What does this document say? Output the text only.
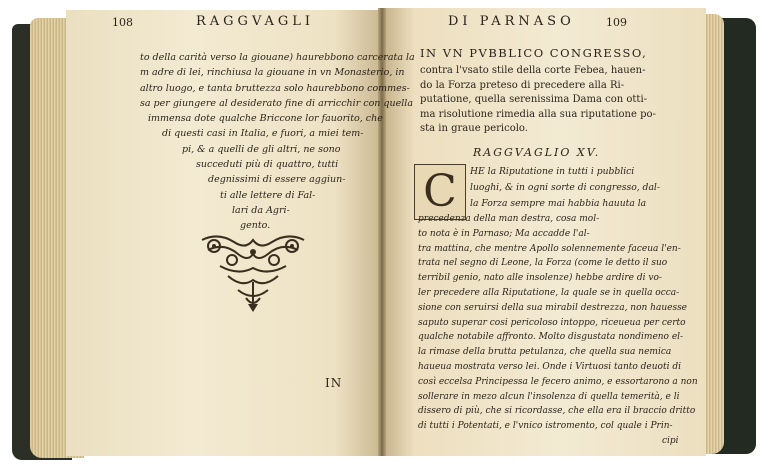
108	RAGGVAGLI
to della carità verso la giouane) haurebbono carcerata la
m adre di lei, rinchiusa la giouane in vn Monasterio, in
altro luogo, e tanta bruttezza solo haurebbono commes-
sa per giungere al desiderato fine di arricchir con quella
immensa dote qualche Briccone lor fauorito, che
di questi casi in Italia, e fuori, a miei tem-
pi, & a quelli de gli altri, ne sono
succeduti più di quattro, tutti
degnissimi di essere aggiun-
ti alle lettere di Fal-
lari da Agri-
gento.
IN
DI PARNASO	109
IN VN PVBBLICO CONGRESSO,
contra l'vsato stile della corte Febea, hauen-
do la Forza preteso di precedere alla Ri-
putatione, quella serenissima Dama con otti-
ma risolutione rimedia alla sua riputatione po-
sta in graue pericolo.
RAGGVAGLIO XV.
C	HE la Riputatione in tutti i pubblici
luoghi, & in ogni sorte di congresso, dal-
la Forza sempre mai habbia hauuta la
precedenza della man destra, cosa mol-
to nota è in Parnaso; Ma accadde l'al-
tra mattina, che mentre Apollo solennemente faceua l'en-
trata nel segno di Leone, la Forza (come le detto il suo
terribil genio, nato alle insolenze) hebbe ardire di vo-
ler precedere alla Riputatione, la quale se in quella occa-
sione con seruirsi della sua mirabil destrezza, non hauesse
saputo superar cosi pericoloso intoppo, riceueua per certo
qualche notabile affronto. Molto disgustata nondimeno el-
la rimase della brutta petulanza, che quella sua nemica
haueua mostrata verso lei. Onde i Virtuosi tanto deuoti di
così eccelsa Principessa le fecero animo, e essortarono a non
sollerare in mezo alcun l'insolenza di quella temerità, e li
dissero di più, che si ricordasse, che ella era il braccio dritto
di tutti i Potentati, e l'vnico istromento, col quale i Prin-
cipi
